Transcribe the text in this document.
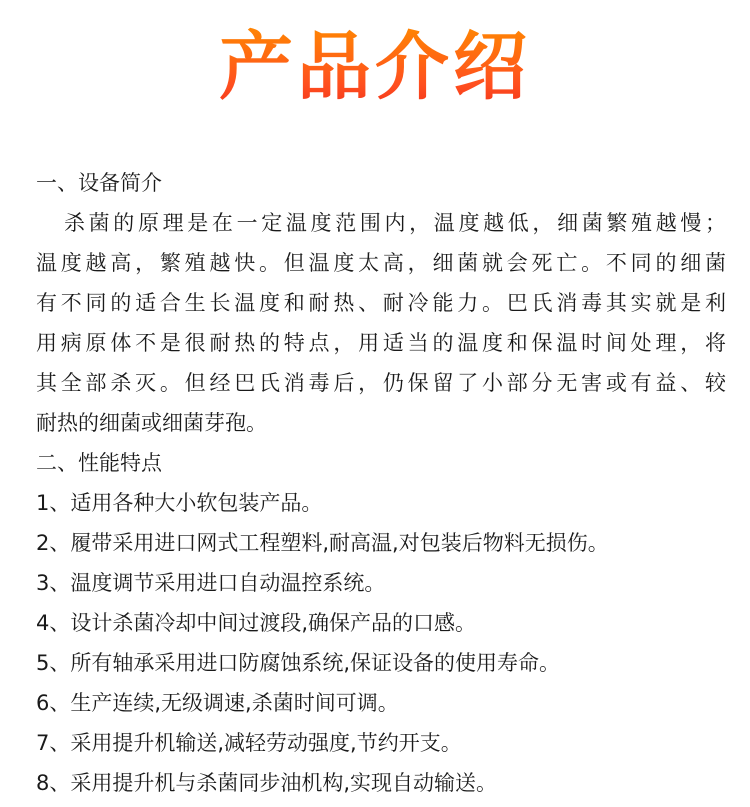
产品介绍
一、设备简介
杀菌的原理是在一定温度范围内，温度越低，细菌繁殖越慢；
温度越高，繁殖越快。但温度太高，细菌就会死亡。不同的细菌
有不同的适合生长温度和耐热、耐冷能力。巴氏消毒其实就是利
用病原体不是很耐热的特点，用适当的温度和保温时间处理，将
其全部杀灭。但经巴氏消毒后，仍保留了小部分无害或有益、较
耐热的细菌或细菌芽孢。
二、性能特点
1、适用各种大小软包装产品。
2、履带采用进口网式工程塑料,耐高温,对包装后物料无损伤。
3、温度调节采用进口自动温控系统。
4、设计杀菌冷却中间过渡段,确保产品的口感。
5、所有轴承采用进口防腐蚀系统,保证设备的使用寿命。
6、生产连续,无级调速,杀菌时间可调。
7、采用提升机输送,减轻劳动强度,节约开支。
8、采用提升机与杀菌同步油机构,实现自动输送。
